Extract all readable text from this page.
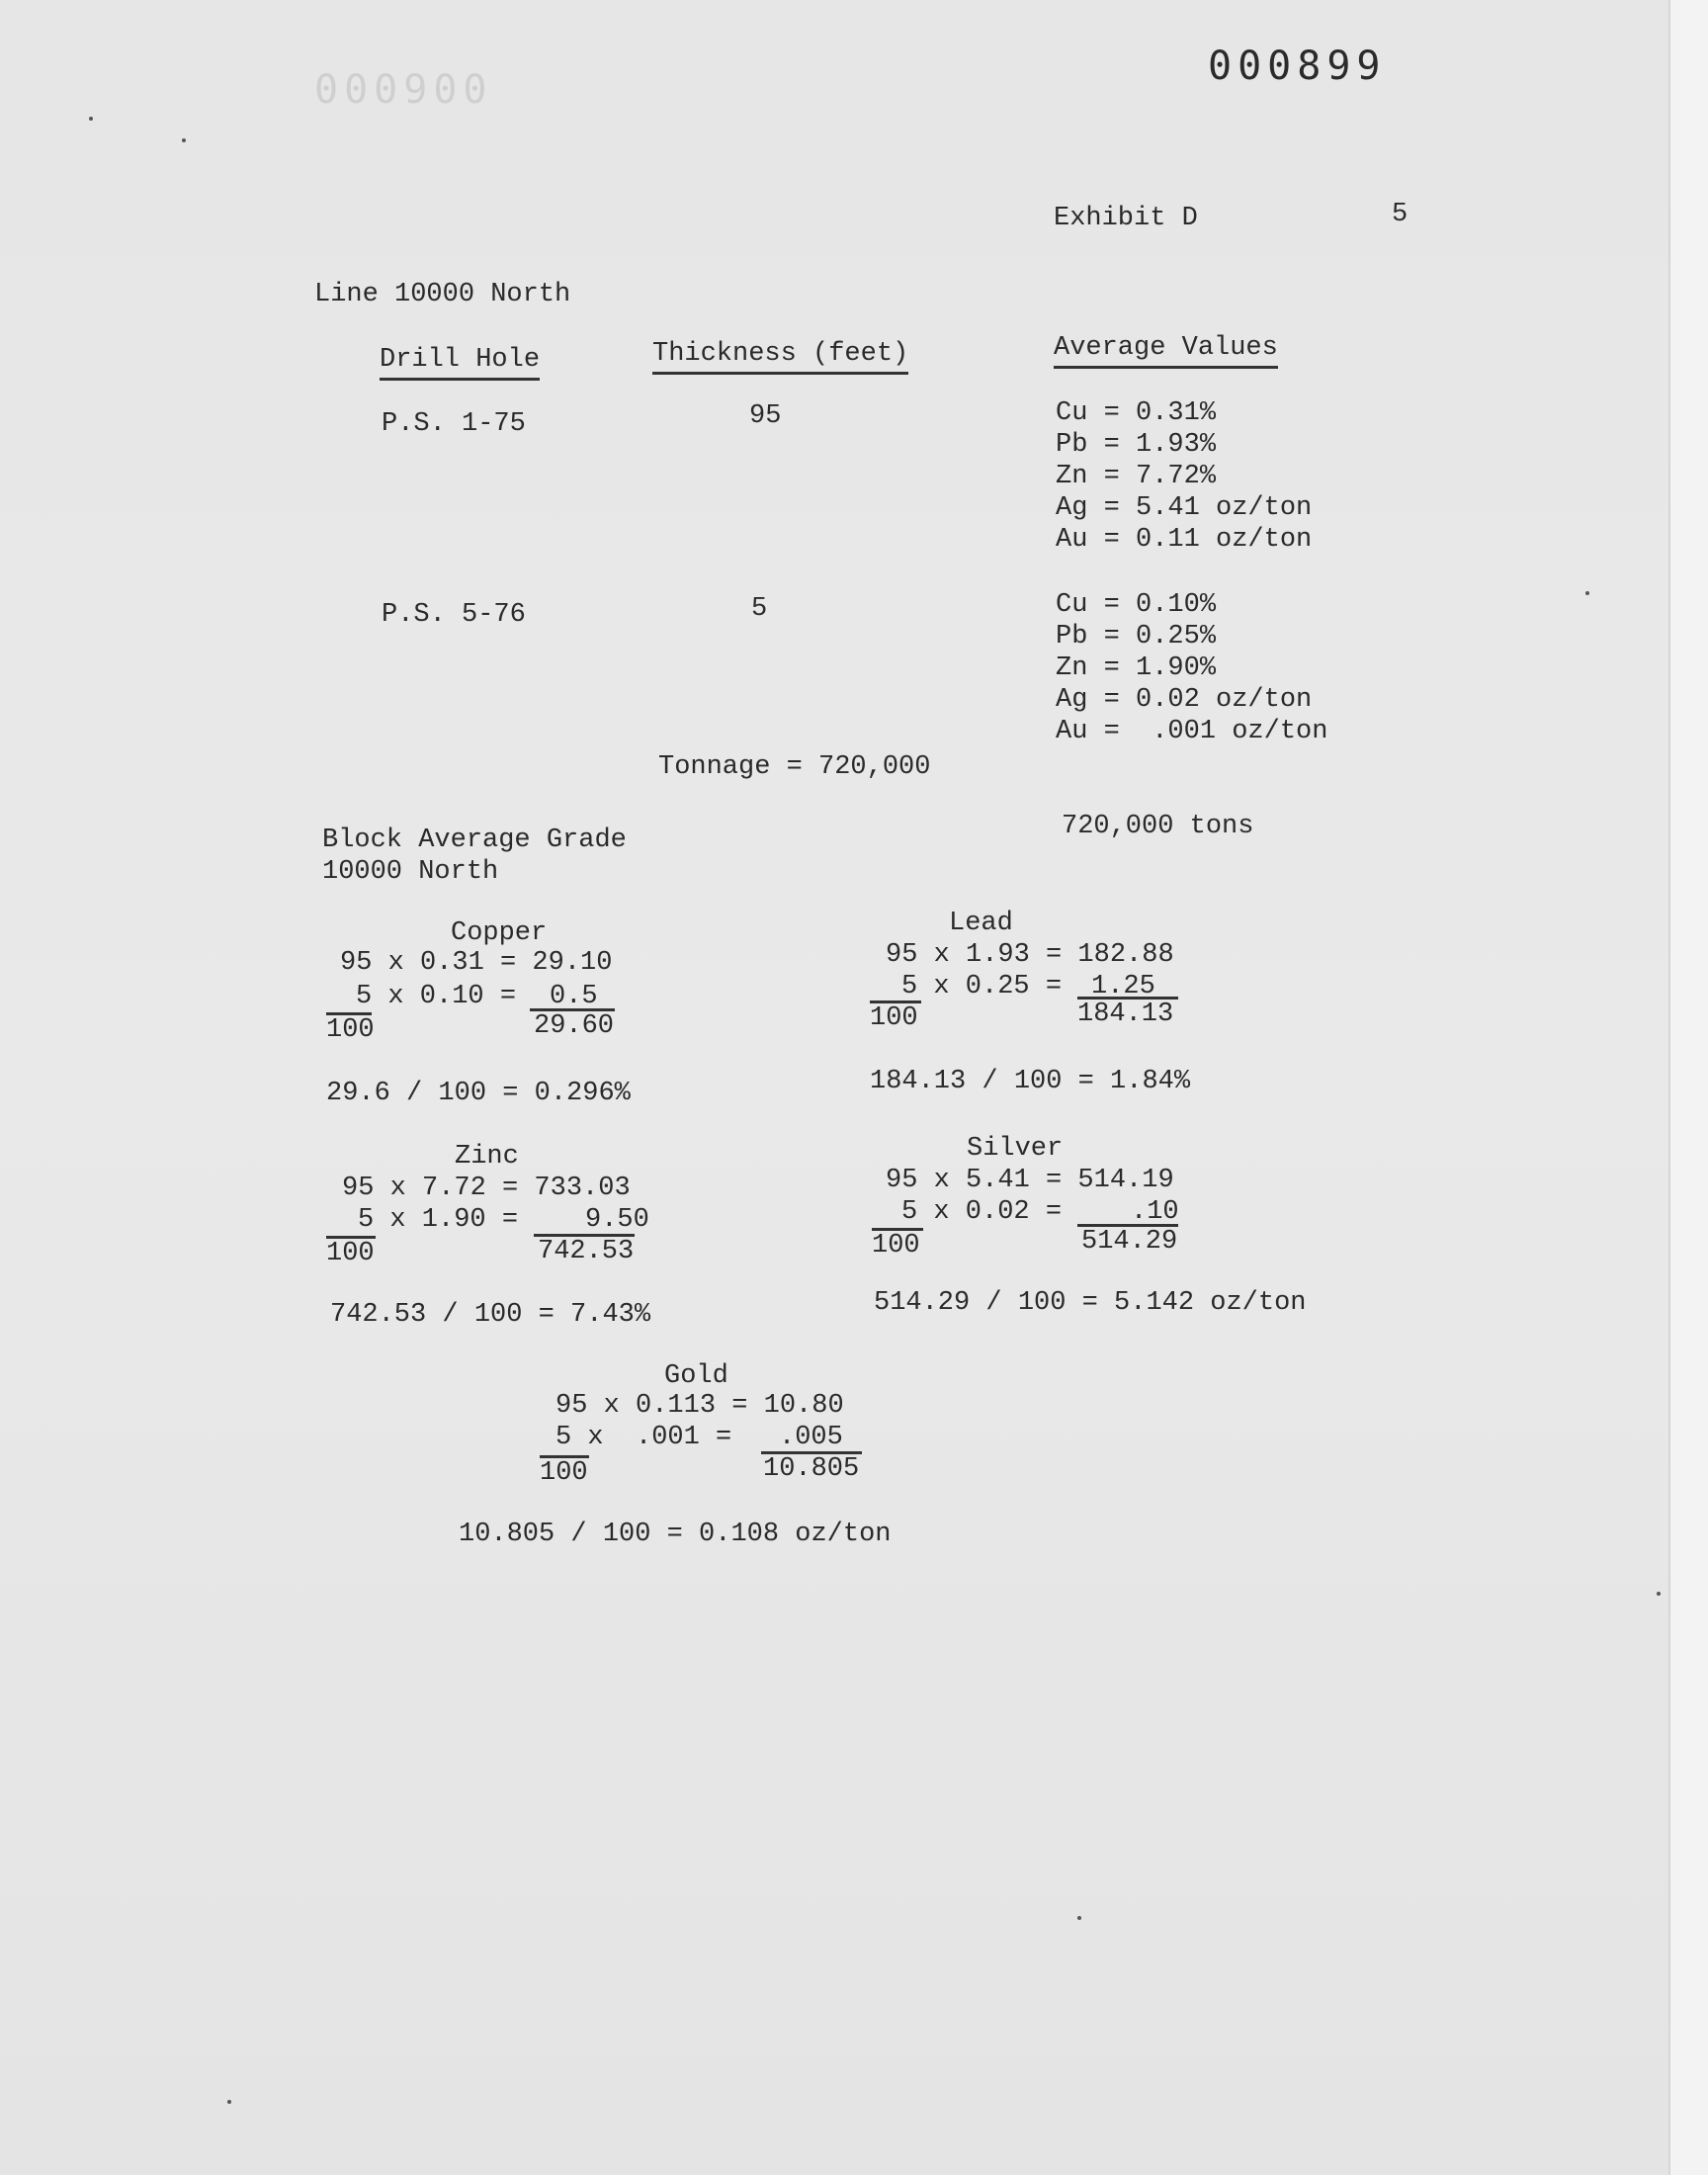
000900
000899
Exhibit D	5
Line 10000 North
Drill Hole	Thickness (feet)	Average Values
P.S. 1-75	95	Cu = 0.31%
Pb = 1.93%
Zn = 7.72%
Ag = 5.41 oz/ton
Au = 0.11 oz/ton
P.S. 5-76	5	Cu = 0.10%
Pb = 0.25%
Zn = 1.90%
Ag = 0.02 oz/ton
Au =  .001 oz/ton
Tonnage = 720,000
720,000 tons
Block Average Grade
10000 North
Copper
95 x 0.31 = 29.10
5 x 0.10 = 0.5
100	29.60
29.6 / 100 = 0.296%
Lead
95 x 1.93 = 182.88
5 x 0.25 = 1.25
100	184.13
184.13 / 100 = 1.84%
Zinc
95 x 7.72 = 733.03
5 x 1.90 =	9.50
100	742.53
742.53 / 100 = 7.43%
Silver
95 x 5.41 = 514.19
5 x 0.02 =	.10
100	514.29
514.29 / 100 = 5.142 oz/ton
Gold
95 x 0.113 = 10.80
5 x  .001 = .005
100	10.805
10.805 / 100 = 0.108 oz/ton
